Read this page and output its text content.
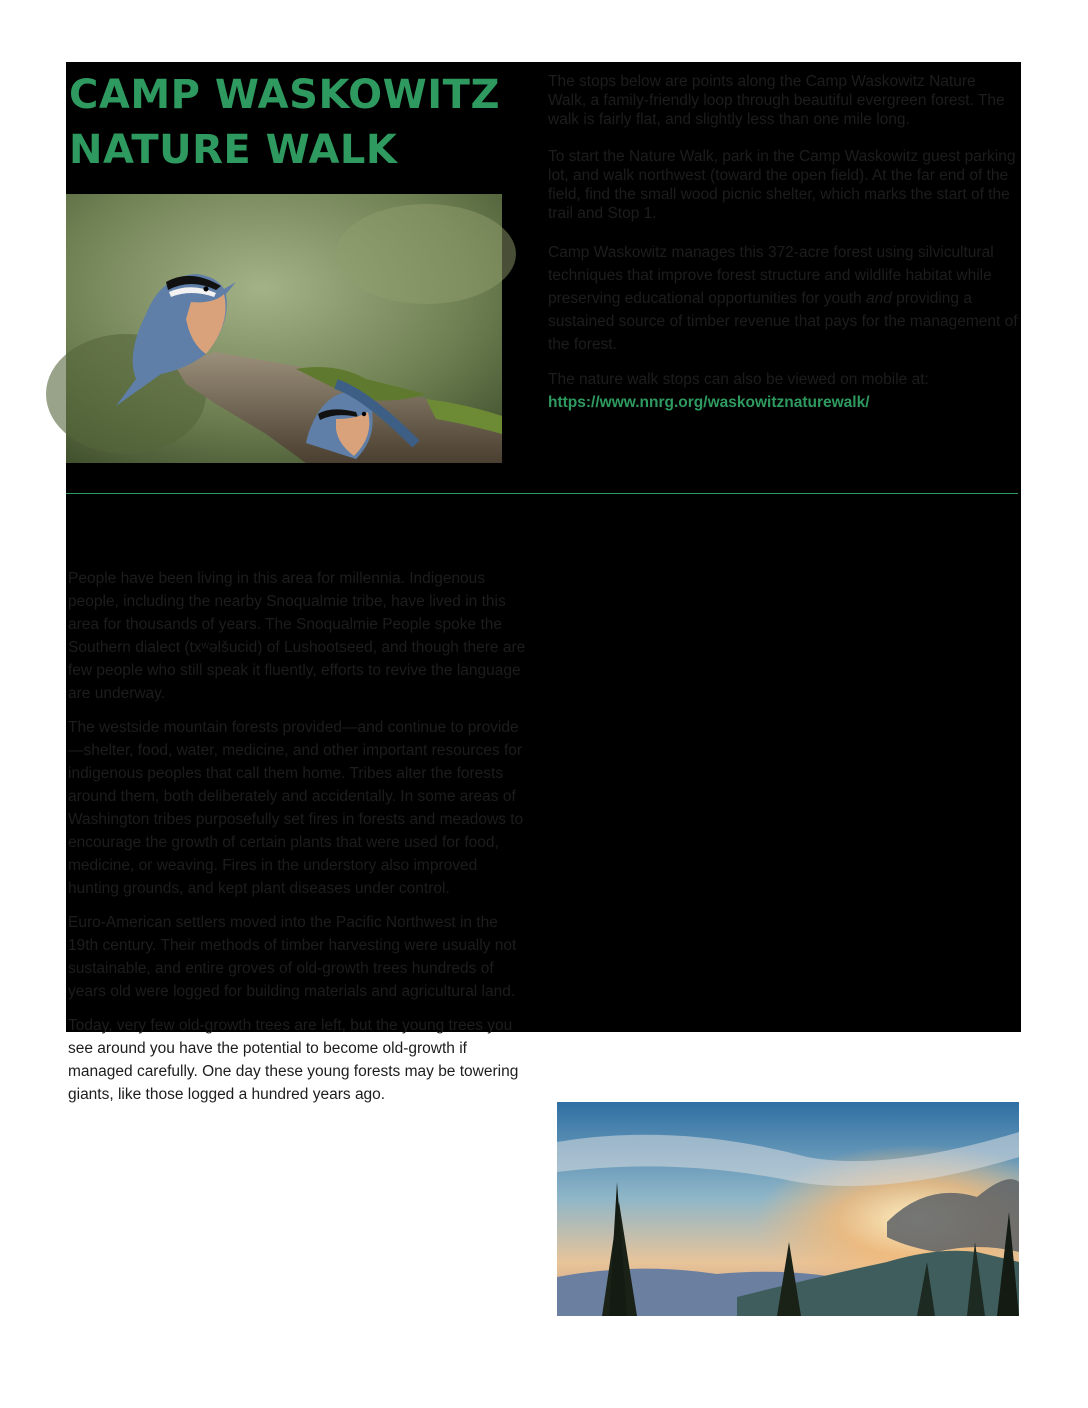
CAMP WASKOWITZ
NATURE WALK

The stops below are points along the Camp Waskowitz Nature Walk, a family-friendly loop through beautiful evergreen forest. The walk is fairly flat, and slightly less than one mile long.

To start the Nature Walk, park in the Camp Waskowitz guest parking lot, and walk northwest (toward the open field). At the far end of the field, find the small wood picnic shelter, which marks the start of the trail and Stop 1.

Camp Waskowitz manages this 372-acre forest using silvicultural techniques that improve forest structure and wildlife habitat while preserving educational opportunities for youth and providing a sustained source of timber revenue that pays for the management of the forest.

The nature walk stops can also be viewed on mobile at:
https://www.nnrg.org/waskowitznaturewalk/

People have been living in this area for millennia. Indigenous people, including the nearby Snoqualmie tribe, have lived in this area for thousands of years. The Snoqualmie People spoke the Southern dialect (txʷəlšucid) of Lushootseed, and though there are few people who still speak it fluently, efforts to revive the language are underway.

The westside mountain forests provided—and continue to provide—shelter, food, water, medicine, and other important resources for indigenous peoples that call them home. Tribes alter the forests around them, both deliberately and accidentally. In some areas of Washington tribes purposefully set fires in forests and meadows to encourage the growth of certain plants that were used for food, medicine, or weaving. Fires in the understory also improved hunting grounds, and kept plant diseases under control.

Euro-American settlers moved into the Pacific Northwest in the 19th century. Their methods of timber harvesting were usually not sustainable, and entire groves of old-growth trees hundreds of years old were logged for building materials and agricultural land.

Today, very few old-growth trees are left, but the young trees you see around you have the potential to become old-growth if managed carefully. One day these young forests may be towering giants, like those logged a hundred years ago.
